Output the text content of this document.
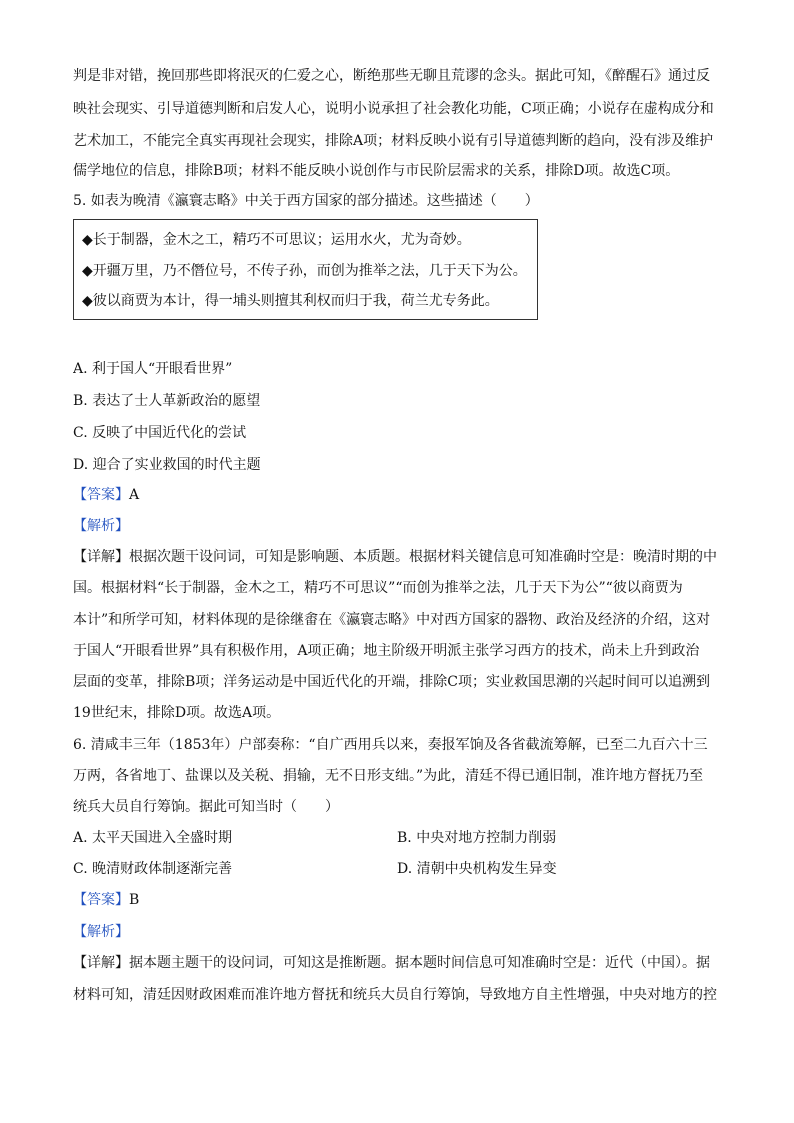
判是非对错，挽回那些即将泯灭的仁爱之心，断绝那些无聊且荒谬的念头。据此可知，《醉醒石》通过反
映社会现实、引导道德判断和启发人心，说明小说承担了社会教化功能，C项正确；小说存在虚构成分和
艺术加工，不能完全真实再现社会现实，排除A项；材料反映小说有引导道德判断的趋向，没有涉及维护
儒学地位的信息，排除B项；材料不能反映小说创作与市民阶层需求的关系，排除D项。故选C项。
5. 如表为晚清《瀛寰志略》中关于西方国家的部分描述。这些描述（　　）
◆长于制器，金木之工，精巧不可思议；运用水火，尤为奇妙。
◆开疆万里，乃不僭位号，不传子孙，而创为推举之法，几于天下为公。
◆彼以商贾为本计，得一埔头则擅其利权而归于我，荷兰尤专务此。
A. 利于国人“开眼看世界”
B. 表达了士人革新政治的愿望
C. 反映了中国近代化的尝试
D. 迎合了实业救国的时代主题
【答案】A
【解析】
【详解】根据次题干设问词，可知是影响题、本质题。根据材料关键信息可知准确时空是：晚清时期的中
国。根据材料“长于制器，金木之工，精巧不可思议”“而创为推举之法，几于天下为公”“彼以商贾为
本计”和所学可知，材料体现的是徐继畬在《瀛寰志略》中对西方国家的器物、政治及经济的介绍，这对
于国人“开眼看世界”具有积极作用，A项正确；地主阶级开明派主张学习西方的技术，尚未上升到政治
层面的变革，排除B项；洋务运动是中国近代化的开端，排除C项；实业救国思潮的兴起时间可以追溯到
19世纪末，排除D项。故选A项。
6. 清咸丰三年（1853年）户部奏称：“自广西用兵以来，奏报军饷及各省截流筹解，已至二九百六十三
万两，各省地丁、盐课以及关税、捐输，无不日形支绌。”为此，清廷不得已通旧制，准许地方督抚乃至
统兵大员自行筹饷。据此可知当时（　　）
A. 太平天国进入全盛时期	B. 中央对地方控制力削弱
C. 晚清财政体制逐渐完善	D. 清朝中央机构发生异变
【答案】B
【解析】
【详解】据本题主题干的设问词，可知这是推断题。据本题时间信息可知准确时空是：近代（中国）。据
材料可知，清廷因财政困难而准许地方督抚和统兵大员自行筹饷，导致地方自主性增强，中央对地方的控
